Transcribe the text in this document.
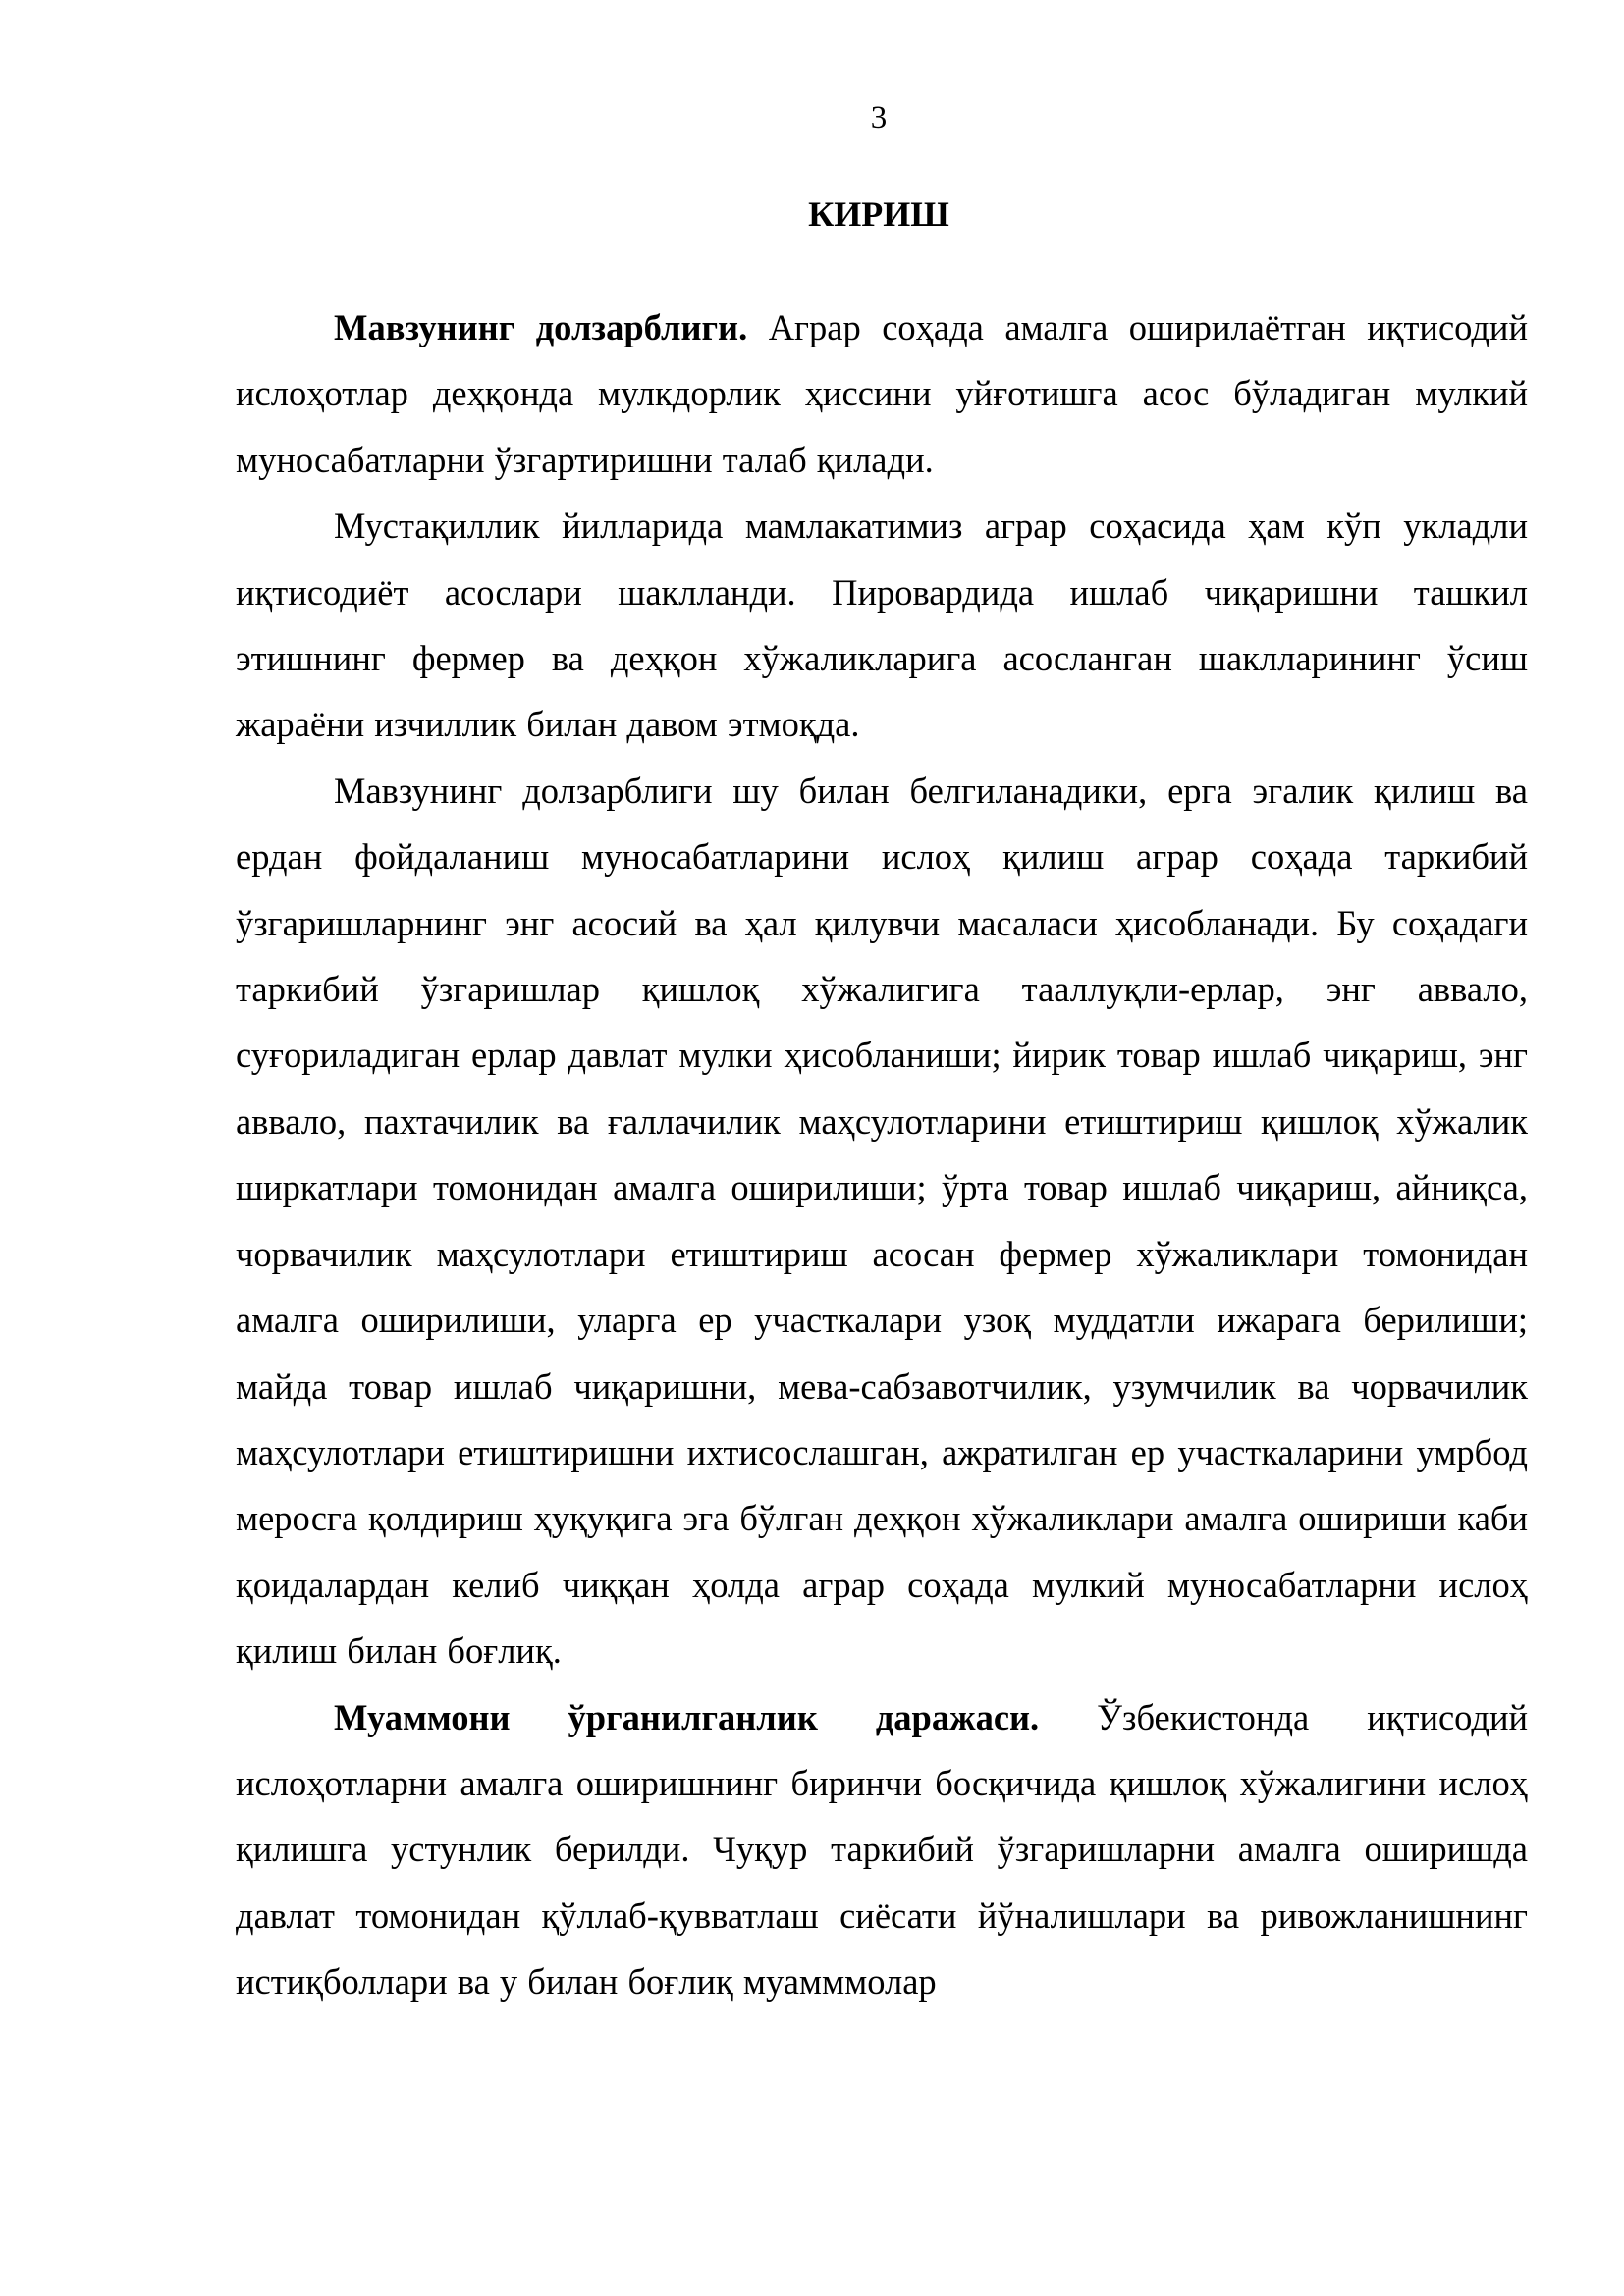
3
КИРИШ

Мавзунинг долзарблиги. Аграр соҳада амалга оширилаётган иқтисодий ислоҳотлар деҳқонда мулкдорлик ҳиссини уйғотишга асос бўладиган мулкий муносабатларни ўзгартиришни талаб қилади.

Мустақиллик йилларида мамлакатимиз аграр соҳасида ҳам кўп укладли иқтисодиёт асослари шаклланди. Пировардида ишлаб чиқаришни ташкил этишнинг фермер ва деҳқон хўжаликларига асосланган шаклларининг ўсиш жараёни изчиллик билан давом этмоқда.

Мавзунинг долзарблиги шу билан белгиланадики, ерга эгалик қилиш ва ердан фойдаланиш муносабатларини ислоҳ қилиш аграр соҳада таркибий ўзгаришларнинг энг асосий ва ҳал қилувчи масаласи ҳисобланади. Бу соҳадаги таркибий ўзгаришлар қишлоқ хўжалигига тааллуқли-ерлар, энг аввало, суғориладиган ерлар давлат мулки ҳисобланиши; йирик товар ишлаб чиқариш, энг аввало, пахтачилик ва ғаллачилик маҳсулотларини етиштириш қишлоқ хўжалик ширкатлари томонидан амалга оширилиши; ўрта товар ишлаб чиқариш, айниқса, чорвачилик маҳсулотлари етиштириш асосан фермер хўжаликлари томонидан амалга оширилиши, уларга ер участкалари узоқ муддатли ижарага берилиши; майда товар ишлаб чиқаришни, мева-сабзавотчилик, узумчилик ва чорвачилик маҳсулотлари етиштиришни ихтисослашган, ажратилган ер участкаларини умрбод меросга қолдириш ҳуқуқига эга бўлган деҳқон хўжаликлари амалга ошириши каби қоидалардан келиб чиққан ҳолда аграр соҳада мулкий муносабатларни ислоҳ қилиш билан боғлиқ.

Муаммони ўрганилганлик даражаси. Ўзбекистонда иқтисодий ислоҳотларни амалга оширишнинг биринчи босқичида қишлоқ хўжалигини ислоҳ қилишга устунлик берилди. Чуқур таркибий ўзгаришларни амалга оширишда давлат томонидан қўллаб-қувватлаш сиёсати йўналишлари ва ривожланишнинг истиқболлари ва у билан боғлиқ муамммолар
